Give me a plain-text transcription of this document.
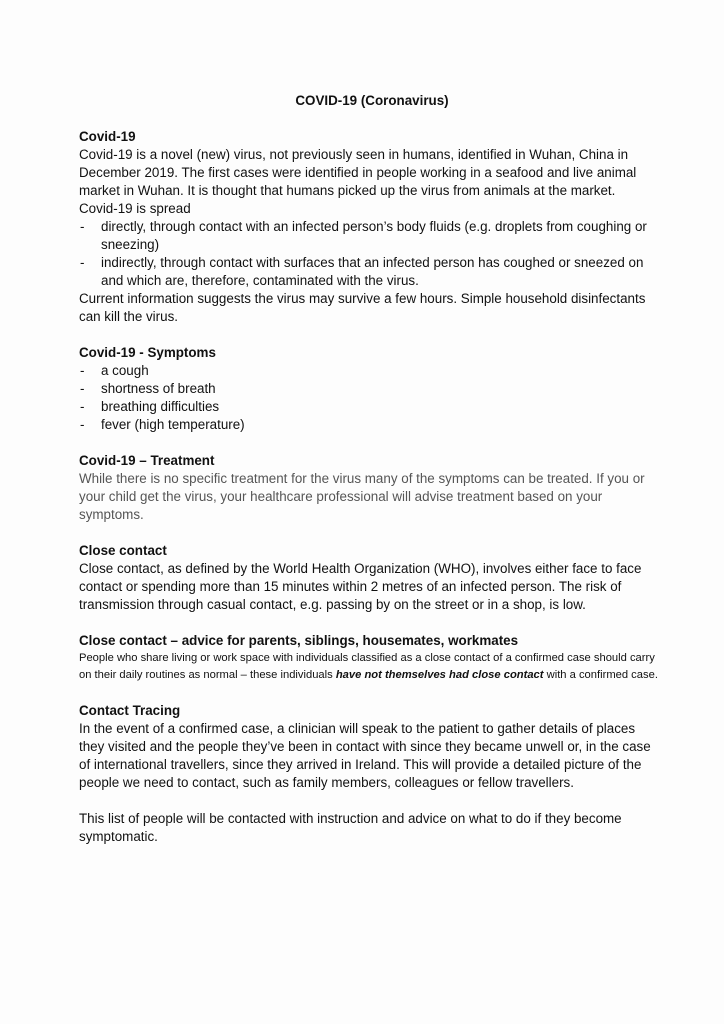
COVID-19 (Coronavirus)
Covid-19
Covid-19 is a novel (new) virus, not previously seen in humans, identified in Wuhan, China in December 2019. The first cases were identified in people working in a seafood and live animal market in Wuhan. It is thought that humans picked up the virus from animals at the market.
Covid-19 is spread
- directly, through contact with an infected person’s body fluids (e.g. droplets from coughing or sneezing)
- indirectly, through contact with surfaces that an infected person has coughed or sneezed on and which are, therefore, contaminated with the virus.
Current information suggests the virus may survive a few hours. Simple household disinfectants can kill the virus.
Covid-19 - Symptoms
- a cough
- shortness of breath
- breathing difficulties
- fever (high temperature)
Covid-19 – Treatment
While there is no specific treatment for the virus many of the symptoms can be treated. If you or your child get the virus, your healthcare professional will advise treatment based on your symptoms.
Close contact
Close contact, as defined by the World Health Organization (WHO), involves either face to face contact or spending more than 15 minutes within 2 metres of an infected person. The risk of transmission through casual contact, e.g. passing by on the street or in a shop, is low.
Close contact – advice for parents, siblings, housemates, workmates
People who share living or work space with individuals classified as a close contact of a confirmed case should carry on their daily routines as normal – these individuals have not themselves had close contact with a confirmed case.
Contact Tracing
In the event of a confirmed case, a clinician will speak to the patient to gather details of places they visited and the people they’ve been in contact with since they became unwell or, in the case of international travellers, since they arrived in Ireland. This will provide a detailed picture of the people we need to contact, such as family members, colleagues or fellow travellers.
This list of people will be contacted with instruction and advice on what to do if they become symptomatic.
